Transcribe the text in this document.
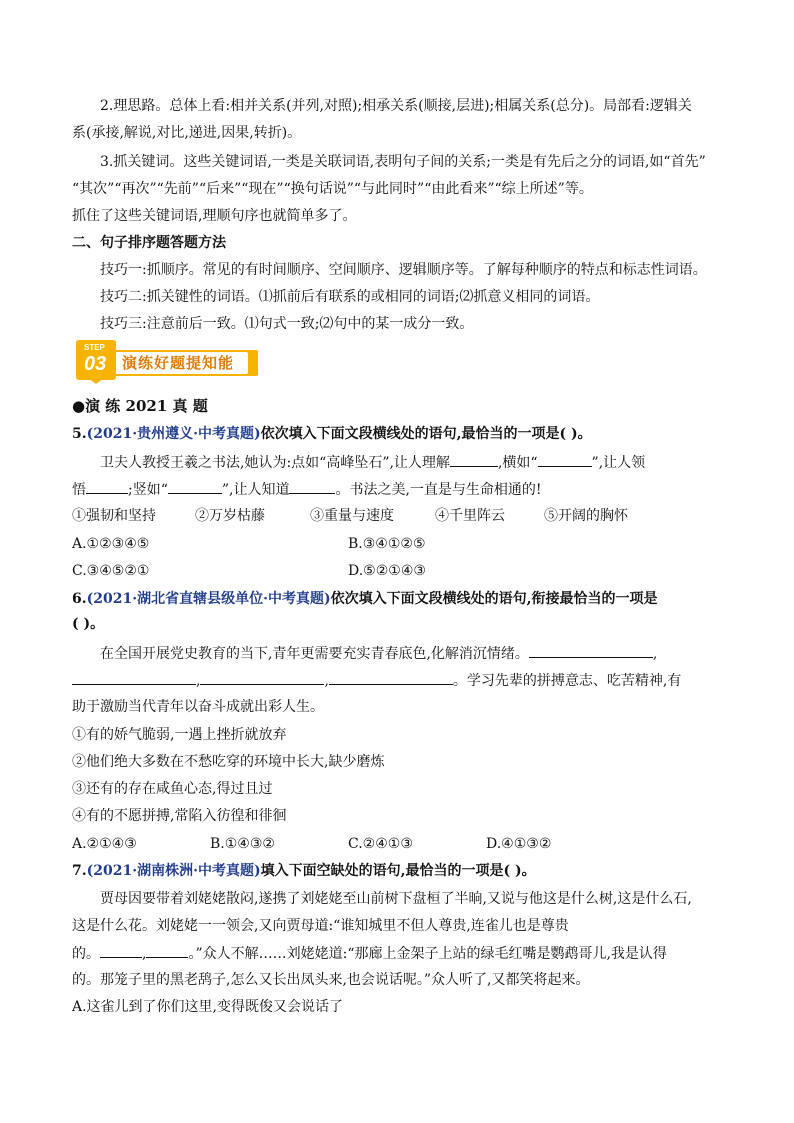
2.理思路。总体上看:相并关系(并列,对照);相承关系(顺接,层进);相属关系(总分)。局部看:逻辑关
系(承接,解说,对比,递进,因果,转折)。
3.抓关键词。这些关键词语,一类是关联词语,表明句子间的关系;一类是有先后之分的词语,如“首先”
“其次”“再次”“先前”“后来”“现在”“换句话说”“与此同时”“由此看来”“综上所述”等。
抓住了这些关键词语,理顺句序也就简单多了。
二、句子排序题答题方法
技巧一:抓顺序。常见的有时间顺序、空间顺序、逻辑顺序等。了解每种顺序的特点和标志性词语。
技巧二:抓关键性的词语。⑴抓前后有联系的或相同的词语;⑵抓意义相同的词语。
技巧三:注意前后一致。⑴句式一致;⑵句中的某一成分一致。
演练好题提知能
STEP
03
●演 练 2021 真 题
5.(2021·贵州遵义·中考真题)依次填入下面文段横线处的语句,最恰当的一项是( )。
卫夫人教授王羲之书法,她认为:点如“高峰坠石”,让人理解	,横如“	”,让人领
悟	;竖如“	”,让人知道	。书法之美,一直是与生命相通的!
①强韧和坚持	②万岁枯藤	③重量与速度	④千里阵云	⑤开阔的胸怀
A.①②③④⑤	B.③④①②⑤
C.③④⑤②①	D.⑤②①④③
6.(2021·湖北省直辖县级单位·中考真题)依次填入下面文段横线处的语句,衔接最恰当的一项是
( )。
在全国开展党史教育的当下,青年更需要充实青春底色,化解消沉情绪。	,
,	,	。学习先辈的拼搏意志、吃苦精神,有
助于激励当代青年以奋斗成就出彩人生。
①有的娇气脆弱,一遇上挫折就放弃
②他们绝大多数在不愁吃穿的环境中长大,缺少磨炼
③还有的存在咸鱼心态,得过且过
④有的不愿拼搏,常陷入彷徨和徘徊
A.②①④③	B.①④③②	C.②④①③	D.④①③②
7.(2021·湖南株洲·中考真题)填入下面空缺处的语句,最恰当的一项是( )。
贾母因要带着刘姥姥散闷,遂携了刘姥姥至山前树下盘桓了半晌,又说与他这是什么树,这是什么石,
这是什么花。刘姥姥一一领会,又向贾母道:“谁知城里不但人尊贵,连雀儿也是尊贵
的。	,	。”众人不解……刘姥姥道:“那廊上金架子上站的绿毛红嘴是鹦鹉哥儿,我是认得
的。那笼子里的黑老鸹子,怎么又长出凤头来,也会说话呢。”众人听了,又都笑将起来。
A.这雀儿到了你们这里,变得既俊又会说话了
